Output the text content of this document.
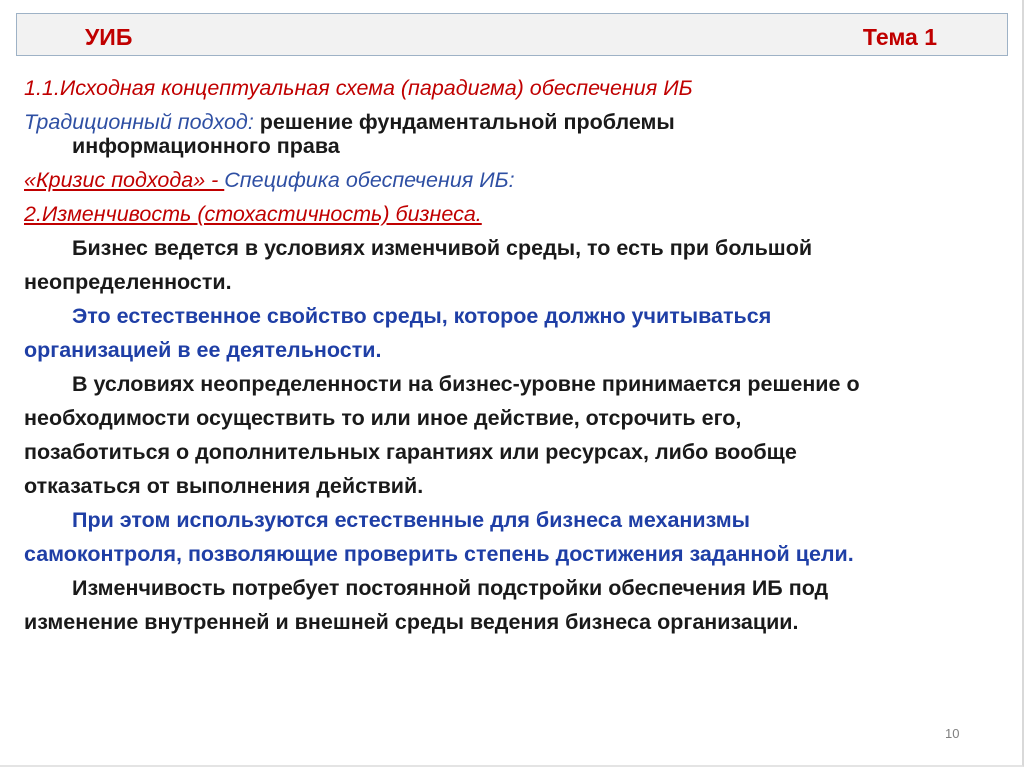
УИБ	Тема 1
1.1.Исходная концептуальная схема (парадигма) обеспечения ИБ
Традиционный подход: решение фундаментальной проблемы
информационного права
«Кризис подхода» - Специфика обеспечения ИБ:
2.Изменчивость (стохастичность) бизнеса.
Бизнес ведется в условиях изменчивой среды, то есть при большой
неопределенности.
Это естественное свойство среды, которое должно учитываться
организацией в ее деятельности.
В условиях неопределенности на бизнес-уровне принимается решение о
необходимости осуществить то или иное действие, отсрочить его,
позаботиться о дополнительных гарантиях или ресурсах, либо вообще
отказаться от выполнения действий.
При этом используются естественные для бизнеса механизмы
самоконтроля, позволяющие проверить степень достижения заданной цели.
Изменчивость потребует постоянной подстройки обеспечения ИБ под
изменение внутренней и внешней среды ведения бизнеса организации.
10
